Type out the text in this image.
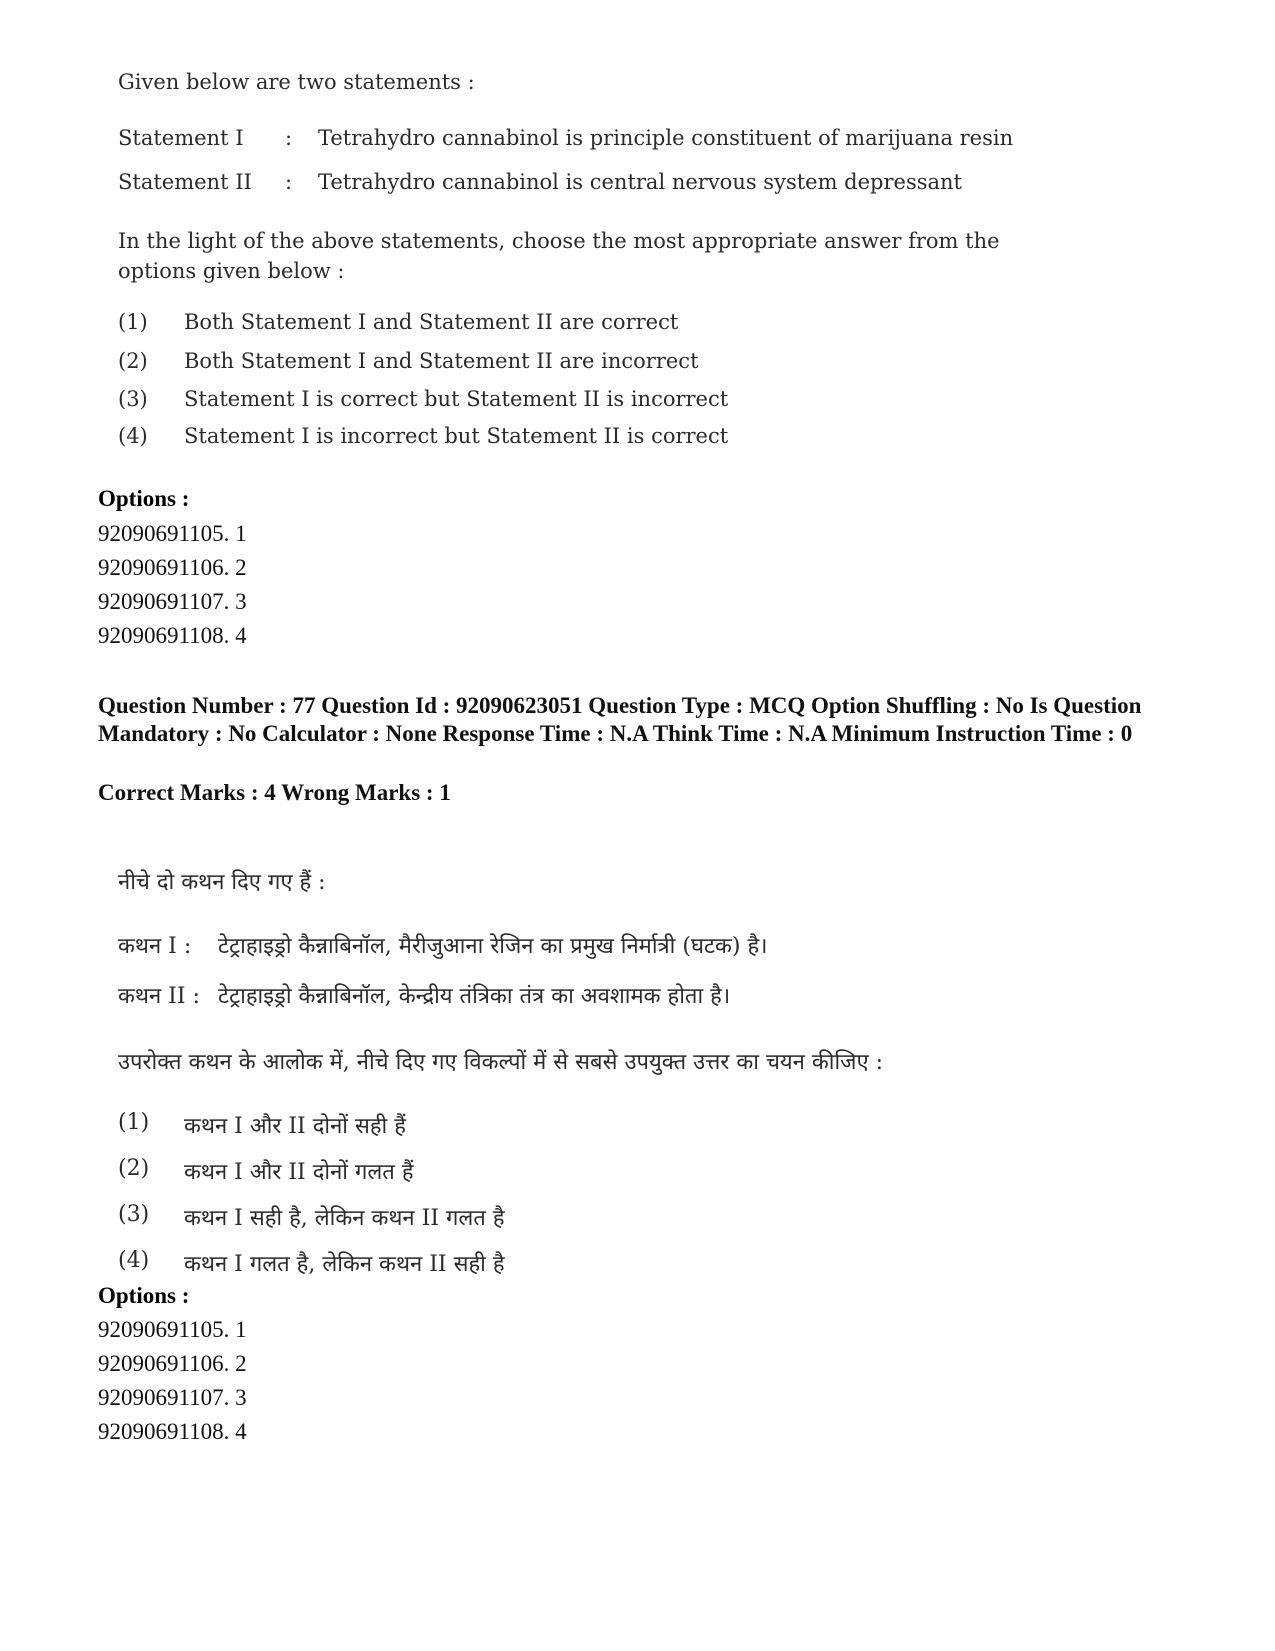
Given below are two statements :
Statement I : Tetrahydro cannabinol is principle constituent of marijuana resin
Statement II : Tetrahydro cannabinol is central nervous system depressant
In the light of the above statements, choose the most appropriate answer from the options given below :
(1) Both Statement I and Statement II are correct
(2) Both Statement I and Statement II are incorrect
(3) Statement I is correct but Statement II is incorrect
(4) Statement I is incorrect but Statement II is correct
Options :
92090691105. 1
92090691106. 2
92090691107. 3
92090691108. 4
Question Number : 77 Question Id : 92090623051 Question Type : MCQ Option Shuffling : No Is Question Mandatory : No Calculator : None Response Time : N.A Think Time : N.A Minimum Instruction Time : 0
Correct Marks : 4 Wrong Marks : 1
नीचे दो कथन दिए गए हैं :
कथन I : टेट्राहाइड्रो कैन्नाबिनॉल, मैरीजुआना रेजिन का प्रमुख निर्मात्री (घटक) है।
कथन II : टेट्राहाइड्रो कैन्नाबिनॉल, केन्द्रीय तंत्रिका तंत्र का अवशामक होता है।
उपरोक्त कथन के आलोक में, नीचे दिए गए विकल्पों में से सबसे उपयुक्त उत्तर का चयन कीजिए :
(1) कथन I और II दोनों सही हैं
(2) कथन I और II दोनों गलत हैं
(3) कथन I सही है, लेकिन कथन II गलत है
(4) कथन I गलत है, लेकिन कथन II सही है
Options :
92090691105. 1
92090691106. 2
92090691107. 3
92090691108. 4
